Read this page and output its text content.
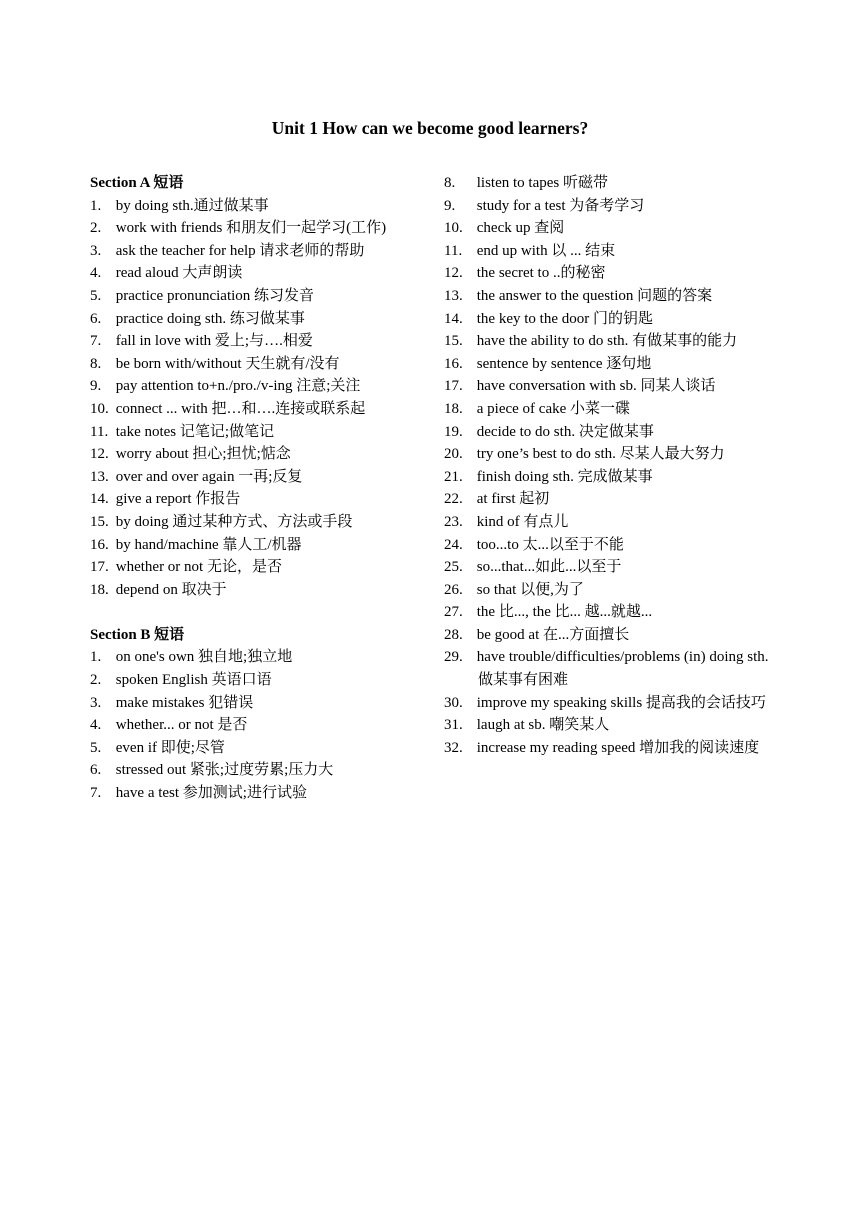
Unit 1 How can we become good learners?
Section A 短语
1. by doing sth.通过做某事
2. work with friends 和朋友们一起学习(工作)
3. ask the teacher for help 请求老师的帮助
4. read aloud 大声朗读
5. practice pronunciation 练习发音
6. practice doing sth. 练习做某事
7. fall in love with 爱上;与….相爱
8. be born with/without 天生就有/没有
9. pay attention to+n./pro./v-ing 注意;关注
10. connect ... with 把…和….连接或联系起
11. take notes 记笔记;做笔记
12. worry about 担心;担忧;惦念
13. over and over again 一再;反复
14. give a report 作报告
15. by doing 通过某种方式、方法或手段
16. by hand/machine 靠人工/机器
17. whether or not 无论，是否
18. depend on 取决于
Section B 短语
1. on one's own 独自地;独立地
2. spoken English 英语口语
3. make mistakes 犯错误
4. whether... or not 是否
5. even if 即使;尽管
6. stressed out 紧张;过度劳累;压力大
7. have a test 参加测试;进行试验
8. listen to tapes 听磁带
9. study for a test 为备考学习
10. check up 查阅
11. end up with 以 ... 结束
12. the secret to ..的秘密
13. the answer to the question 问题的答案
14. the key to the door 门的钥匙
15. have the ability to do sth. 有做某事的能力
16. sentence by sentence 逐句地
17. have conversation with sb. 同某人谈话
18. a piece of cake 小菜一碟
19. decide to do sth. 决定做某事
20. try one’s best to do sth. 尽某人最大努力
21. finish doing sth. 完成做某事
22. at first 起初
23. kind of 有点儿
24. too...to 太...以至于不能
25. so...that...如此...以至于
26. so that 以便,为了
27. the 比..., the 比... 越...就越...
28. be good at 在...方面擅长
29. have trouble/difficulties/problems (in) doing sth.
做某事有困难
30. improve my speaking skills 提高我的会话技巧
31. laugh at sb. 嘲笑某人
32. increase my reading speed 增加我的阅读速度
